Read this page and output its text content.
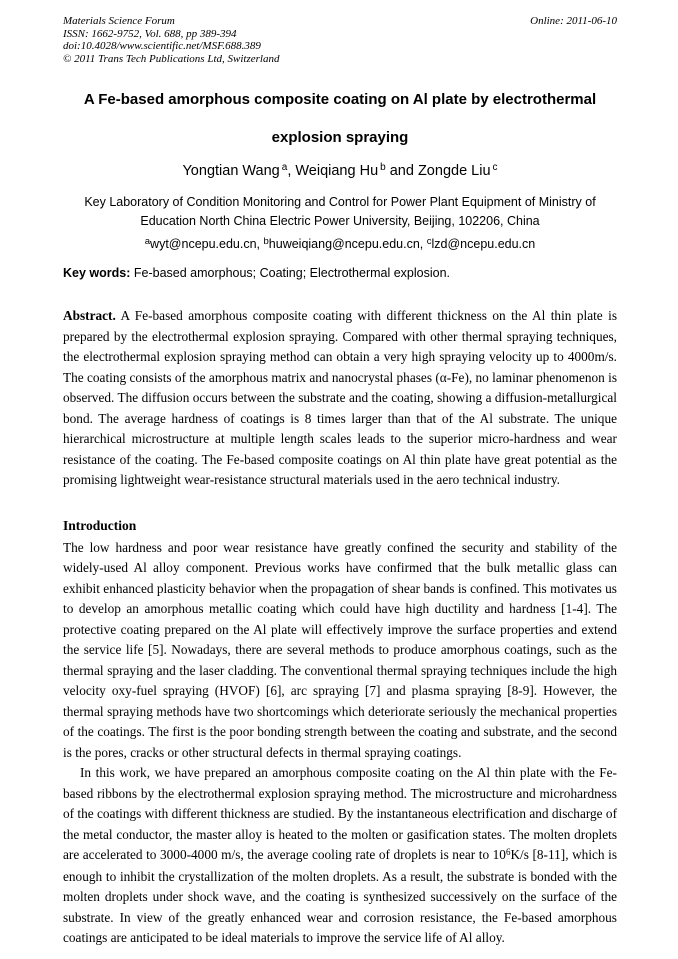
Materials Science Forum
ISSN: 1662-9752, Vol. 688, pp 389-394
doi:10.4028/www.scientific.net/MSF.688.389
© 2011 Trans Tech Publications Ltd, Switzerland
Online: 2011-06-10
A Fe-based amorphous composite coating on Al plate by electrothermal
explosion spraying
Yongtian Wang $^a$, Weiqiang Hu $^b$ and Zongde Liu $^c$
Key Laboratory of Condition Monitoring and Control for Power Plant Equipment of Ministry of
Education North China Electric Power University, Beijing, 102206, China
$^a$wyt@ncepu.edu.cn, $^b$huweiqiang@ncepu.edu.cn, $^c$lzd@ncepu.edu.cn
Key words: Fe-based amorphous; Coating; Electrothermal explosion.

Abstract. A Fe-based amorphous composite coating with different thickness on the Al thin plate is prepared by the electrothermal explosion spraying. Compared with other thermal spraying techniques, the electrothermal explosion spraying method can obtain a very high spraying velocity up to 4000m/s. The coating consists of the amorphous matrix and nanocrystal phases (α-Fe), no laminar phenomenon is observed. The diffusion occurs between the substrate and the coating, showing a diffusion-metallurgical bond. The average hardness of coatings is 8 times larger than that of the Al substrate. The unique hierarchical microstructure at multiple length scales leads to the superior micro-hardness and wear resistance of the coating. The Fe-based composite coatings on Al thin plate have great potential as the promising lightweight wear-resistance structural materials used in the aero technical industry.

Introduction

The low hardness and poor wear resistance have greatly confined the security and stability of the widely-used Al alloy component. Previous works have confirmed that the bulk metallic glass can exhibit enhanced plasticity behavior when the propagation of shear bands is confined. This motivates us to develop an amorphous metallic coating which could have high ductility and hardness [1-4]. The protective coating prepared on the Al plate will effectively improve the surface properties and extend the service life [5]. Nowadays, there are several methods to produce amorphous coatings, such as the thermal spraying and the laser cladding. The conventional thermal spraying techniques include the high velocity oxy-fuel spraying (HVOF) [6], arc spraying [7] and plasma spraying [8-9]. However, the thermal spraying methods have two shortcomings which deteriorate seriously the mechanical properties of the coatings. The first is the poor bonding strength between the coating and substrate, and the second is the pores, cracks or other structural defects in thermal spraying coatings.

In this work, we have prepared an amorphous composite coating on the Al thin plate with the Fe-based ribbons by the electrothermal explosion spraying method. The microstructure and microhardness of the coatings with different thickness are studied. By the instantaneous electrification and discharge of the metal conductor, the master alloy is heated to the molten or gasification states. The molten droplets are accelerated to 3000-4000 m/s, the average cooling rate of droplets is near to $10^6K/s$ [8-11], which is enough to inhibit the crystallization of the molten droplets. As a result, the substrate is bonded with the molten droplets under shock wave, and the coating is synthesized successively on the surface of the substrate. In view of the greatly enhanced wear and corrosion resistance, the Fe-based amorphous coatings are anticipated to be ideal materials to improve the service life of Al alloy.
